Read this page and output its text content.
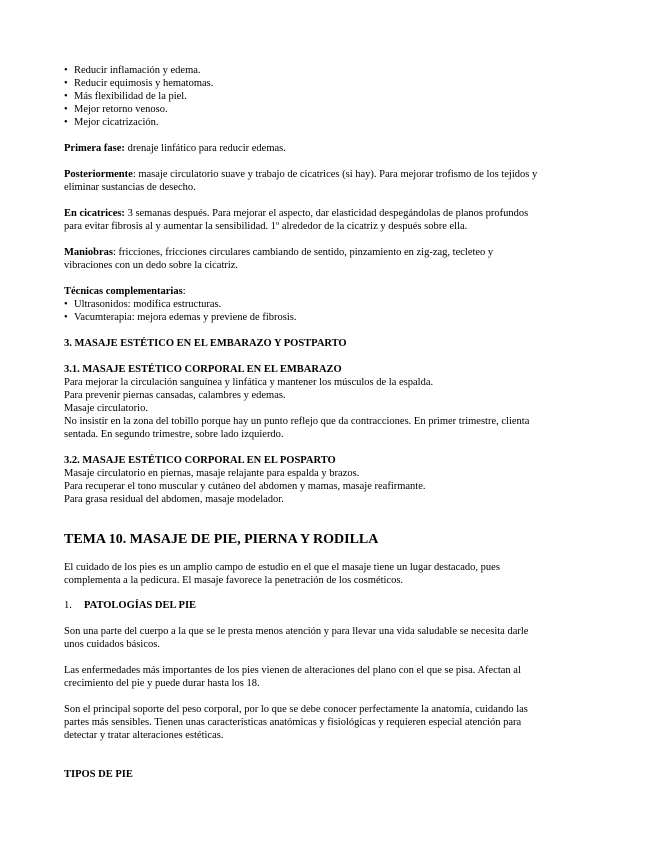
• Reducir inflamación y edema.
• Reducir equimosis y hematomas.
• Más flexibilidad de la piel.
• Mejor retorno venoso.
• Mejor cicatrización.

Primera fase: drenaje linfático para reducir edemas.

Posteriormente: masaje circulatorio suave y trabajo de cicatrices (si hay). Para mejorar trofismo de los tejidos y

eliminar sustancias de desecho.

En cicatrices: 3 semanas después. Para mejorar el aspecto, dar elasticidad despegándolas de planos profundos

para evitar fibrosis al y aumentar la sensibilidad. 1º alrededor de la cicatriz y después sobre ella.

Maniobras: fricciones, fricciones circulares cambiando de sentido, pinzamiento en zig-zag, tecleteo y

vibraciones con un dedo sobre la cicatriz.

Técnicas complementarias:

• Ultrasonidos: modifica estructuras.
• Vacumterapia: mejora edemas y previene de fibrosis.

3. MASAJE ESTÉTICO EN EL EMBARAZO Y POSTPARTO

3.1. MASAJE ESTÉTICO CORPORAL EN EL EMBARAZO

Para mejorar la circulación sanguínea y linfática y mantener los músculos de la espalda.

Para prevenir piernas cansadas, calambres y edemas.

Masaje circulatorio.

No insistir en la zona del tobillo porque hay un punto reflejo que da contracciones. En primer trimestre, clienta

sentada. En segundo trimestre, sobre lado izquierdo.

3.2. MASAJE ESTÉTICO CORPORAL EN EL POSPARTO

Masaje circulatorio en piernas, masaje relajante para espalda y brazos.

Para recuperar el tono muscular y cutáneo del abdomen y mamas, masaje reafirmante.

Para grasa residual del abdomen, masaje modelador.

TEMA 10. MASAJE DE PIE, PIERNA Y RODILLA

El cuidado de los pies es un amplio campo de estudio en el que el masaje tiene un lugar destacado, pues

complementa a la pedicura. El masaje favorece la penetración de los cosméticos.

1.	PATOLOGÍAS DEL PIE

Son una parte del cuerpo a la que se le presta menos atención y para llevar una vida saludable se necesita darle

unos cuidados básicos.

Las enfermedades más importantes de los pies vienen de alteraciones del plano con el que se pisa. Afectan al

crecimiento del pie y puede durar hasta los 18.

Son el principal soporte del peso corporal, por lo que se debe conocer perfectamente la anatomía, cuidando las

partes más sensibles. Tienen unas características anatómicas y fisiológicas y requieren especial atención para

detectar y tratar alteraciones estéticas.

TIPOS DE PIE
